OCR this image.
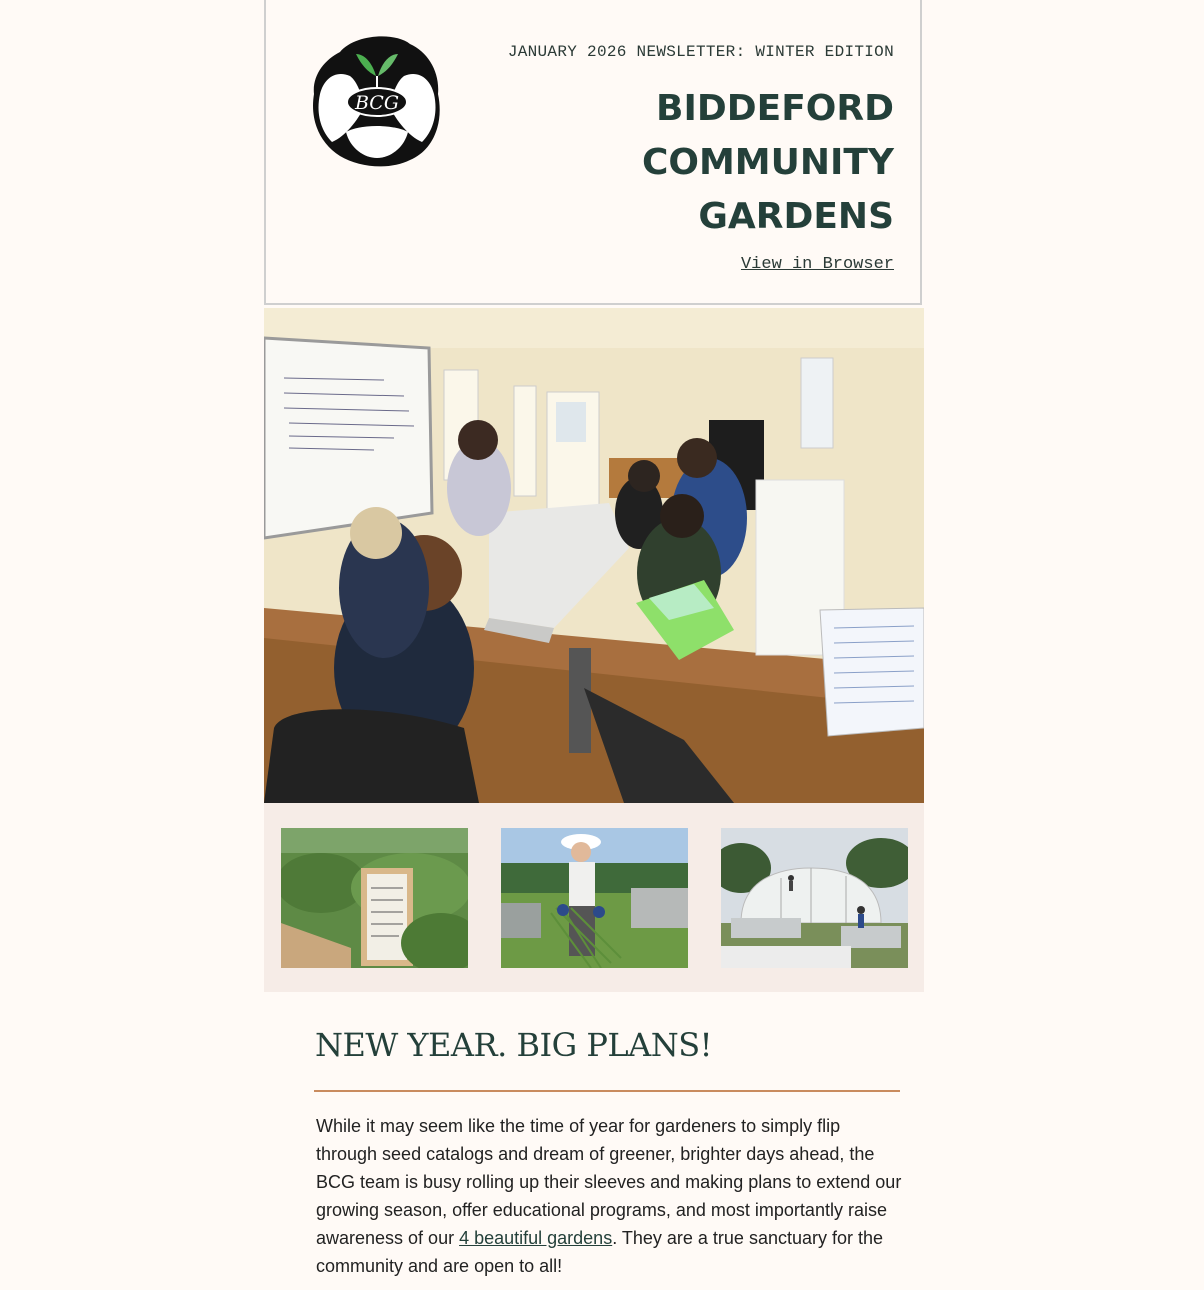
BCG
JANUARY 2026 NEWSLETTER: WINTER EDITION
BIDDEFORD
COMMUNITY
GARDENS
View in Browser
NEW YEAR. BIG PLANS!
While it may seem like the time of year for gardeners to simply flip through seed catalogs and dream of greener, brighter days ahead, the BCG team is busy rolling up their sleeves and making plans to extend our growing season, offer educational programs, and most importantly raise awareness of our 4 beautiful gardens. They are a true sanctuary for the community and are open to all!
